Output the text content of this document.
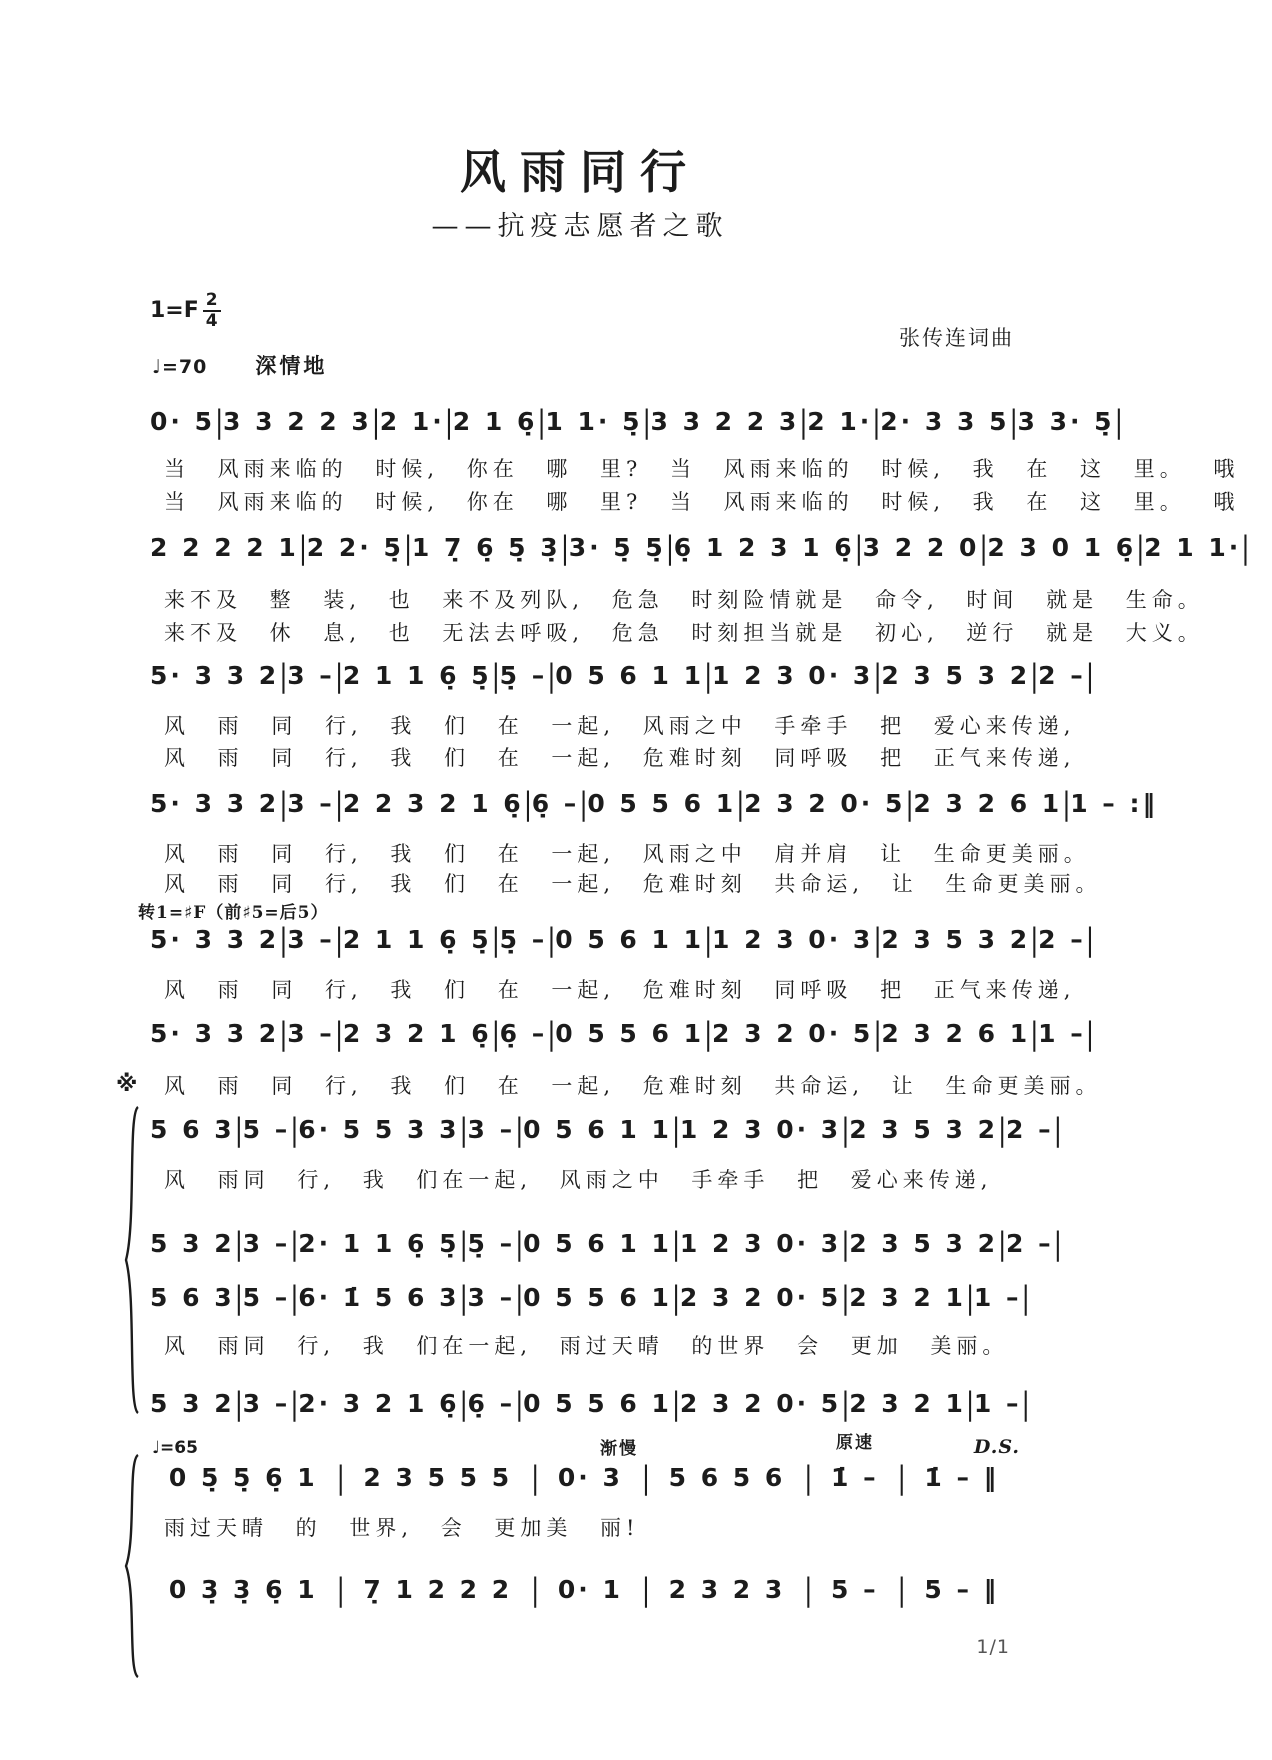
风雨同行
——抗疫志愿者之歌
$1=F \frac{2}{4}$
张传连词曲
♩=70 深情地
0· 5 | 3 3 2 2 3 | 2 1· | 2 1 6̣ | 1 1· 5̣ | 3 3 2 2 3 | 2 1· | 2· 3 3 5 | 3 3· 5̣ |
当 风雨来临的 时候, 你在 哪 里? 当 风雨来临的 时候, 我 在 这 里。 哦
当 风雨来临的 时候, 你在 哪 里? 当 风雨来临的 时候, 我 在 这 里。 哦
2 2 2 2 1 | 2 2· 5̣ | 1 7̣ 6̣ 5̣ 3̣ | 3· 5̣ 5̣ | 6̣ 1 2 3 1 6̣ | 3 2 2 0 | 2 3 0 1 6̣ | 2 1 1· |
来不及 整 装, 也 来不及列队, 危急 时刻险情就是 命令, 时间 就是 生命。
来不及 休 息, 也 无法去呼吸, 危急 时刻担当就是 初心, 逆行 就是 大义。
5· 3 3 2 | 3 – | 2 1 1 6̣ 5̣ | 5̣ – | 0 5 6 1 1 | 1 2 3 0· 3 | 2 3 5 3 2 | 2 – |
风 雨 同 行, 我 们 在 一起, 风雨之中 手牵手 把 爱心来传递,
风 雨 同 行, 我 们 在 一起, 危难时刻 同呼吸 把 正气来传递,
5· 3 3 2 | 3 – | 2 2 3 2 1 6̣ | 6̣ – | 0 5 5 6 1 | 2 3 2 0· 5 | 2 3 2 6 1 | 1 – :‖
风 雨 同 行, 我 们 在 一起, 风雨之中 肩并肩 让 生命更美丽。
风 雨 同 行, 我 们 在 一起, 危难时刻 共命运, 让 生命更美丽。
转1=♯F（前♯5=后5）
5· 3 3 2 | 3 – | 2 1 1 6̣ 5̣ | 5̣ – | 0 5 6 1 1 | 1 2 3 0· 3 | 2 3 5 3 2 | 2 – |
风 雨 同 行, 我 们 在 一起, 危难时刻 同呼吸 把 正气来传递,
5· 3 3 2 | 3 – | 2 3 2 1 6̣ | 6̣ – | 0 5 5 6 1 | 2 3 2 0· 5 | 2 3 2 6 1 | 1 – |
风 雨 同 行, 我 们 在 一起, 危难时刻 共命运, 让 生命更美丽。
※
5 6 3 | 5 – | 6· 5 5 3 3 | 3 – | 0 5 6 1 1 | 1 2 3 0· 3 | 2 3 5 3 2 | 2 – |
风 雨同 行, 我 们在一起, 风雨之中 手牵手 把 爱心来传递,
5 3 2 | 3 – | 2· 1 1 6̣ 5̣ | 5̣ – | 0 5 6 1 1 | 1 2 3 0· 3 | 2 3 5 3 2 | 2 – |
5 6 3 | 5 – | 6· 1̇ 5 6 3 | 3 – | 0 5 5 6 1 | 2 3 2 0· 5 | 2 3 2 1 | 1 – |
风 雨同 行, 我 们在一起, 雨过天晴 的世界 会 更加 美丽。
5 3 2 | 3 – | 2· 3 2 1 6̣ | 6̣ – | 0 5 5 6 1 | 2 3 2 0· 5 | 2 3 2 1 | 1 – |
原速	D.S.
♩=65	渐慢
0 5̣ 5̣ 6̣ 1 | 2 3 5 5 5 | 0· 3 | 5 6 5 6 | 1̇ – | 1̇ – ‖
雨过天晴 的 世界, 会 更加美 丽!
0 3̣ 3̣ 6̣ 1 | 7̣ 1 2 2 2 | 0· 1 | 2 3 2 3 | 5 – | 5 – ‖
1/1
